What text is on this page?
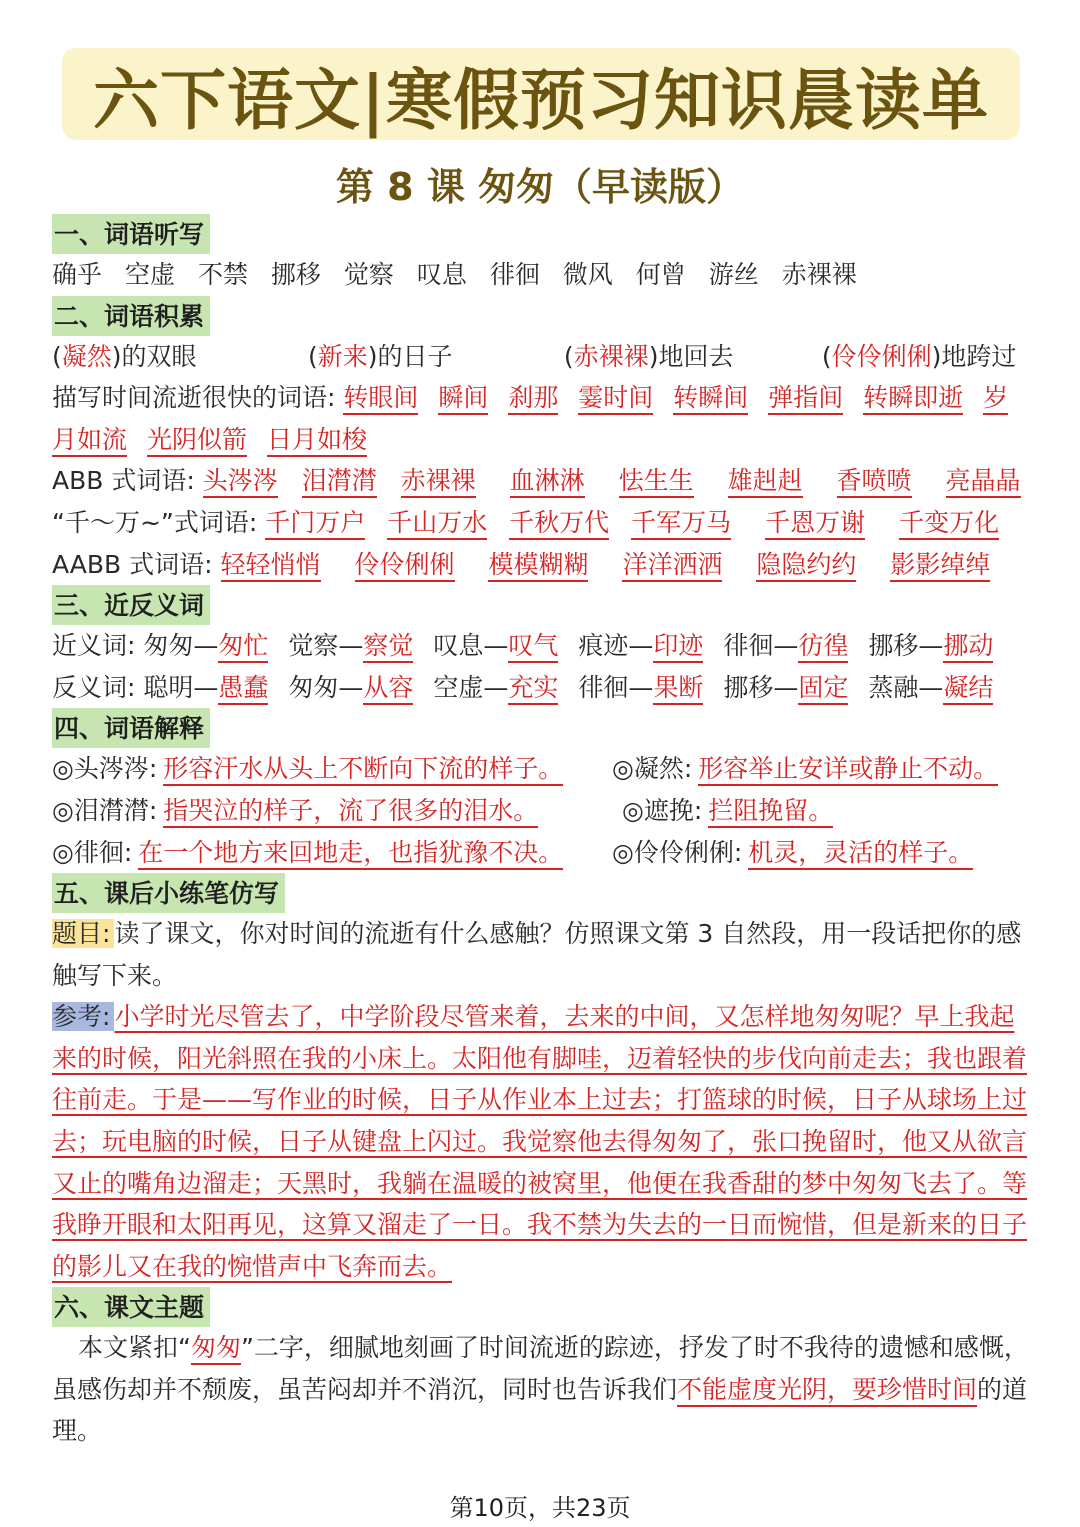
六下语文|寒假预习知识晨读单
第 8 课 匆匆（早读版）
一、词语听写
确乎 空虚 不禁 挪移 觉察 叹息 徘徊 微风 何曾 游丝 赤裸裸
二、词语积累
(凝然)的双眼	(新来)的日子	(赤裸裸)地回去	(伶伶俐俐)地跨过
描写时间流逝很快的词语: 转眼间 瞬间 刹那 霎时间 转瞬间 弹指间 转瞬即逝 岁
月如流 光阴似箭 日月如梭
ABB 式词语: 头涔涔 泪潸潸 赤裸裸 血淋淋 怯生生 雄赳赳 香喷喷 亮晶晶
“千～万~”式词语: 千门万户 千山万水 千秋万代 千军万马 千恩万谢 千变万化
AABB 式词语: 轻轻悄悄 伶伶俐俐 模模糊糊 洋洋洒洒 隐隐约约 影影绰绰
三、近反义词
近义词: 匆匆—匆忙 觉察—察觉 叹息—叹气 痕迹—印迹 徘徊—彷徨 挪移—挪动
反义词: 聪明—愚蠢 匆匆—从容 空虚—充实 徘徊—果断 挪移—固定 蒸融—凝结
四、词语解释
◎头涔涔: 形容汗水从头上不断向下流的样子。 ◎凝然: 形容举止安详或静止不动。
◎泪潸潸: 指哭泣的样子，流了很多的泪水。	◎遮挽: 拦阻挽留。
◎徘徊: 在一个地方来回地走，也指犹豫不决。 ◎伶伶俐俐: 机灵，灵活的样子。
五、课后小练笔仿写
题目: 读了课文，你对时间的流逝有什么感触？仿照课文第 3 自然段，用一段话把你的感触写下来。
参考: 小学时光尽管去了，中学阶段尽管来着，去来的中间，又怎样地匆匆呢？早上我起来的时候，阳光斜照在我的小床上。太阳他有脚哇，迈着轻快的步伐向前走去；我也跟着往前走。于是——写作业的时候，日子从作业本上过去；打篮球的时候，日子从球场上过去；玩电脑的时候，日子从键盘上闪过。我觉察他去得匆匆了，张口挽留时，他又从欲言又止的嘴角边溜走；天黑时，我躺在温暖的被窝里，他便在我香甜的梦中匆匆飞去了。等我睁开眼和太阳再见，这算又溜走了一日。我不禁为失去的一日而惋惜，但是新来的日子的影儿又在我的惋惜声中飞奔而去。
六、课文主题
本文紧扣“匆匆”二字，细腻地刻画了时间流逝的踪迹，抒发了时不我待的遗憾和感慨，虽感伤却并不颓废，虽苦闷却并不消沉，同时也告诉我们不能虚度光阴，要珍惜时间的道理。
第10页，共23页
